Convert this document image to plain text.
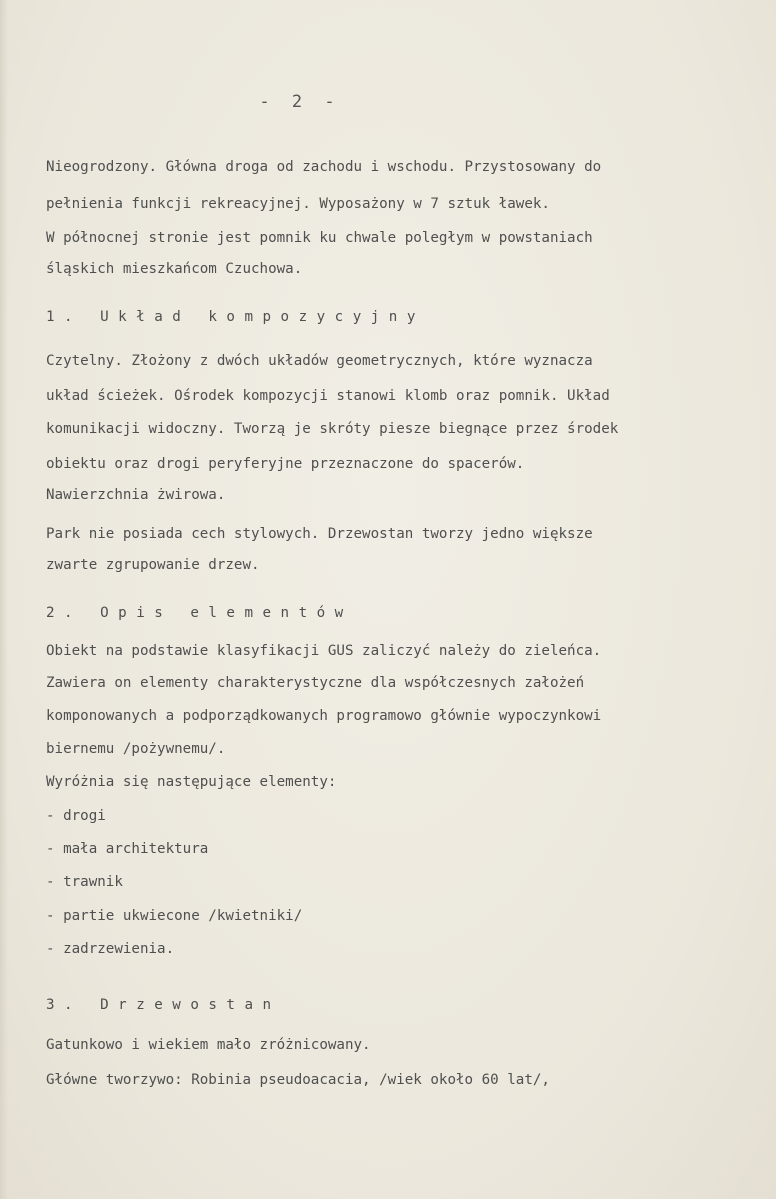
- 2 -
Nieogrodzony. Główna droga od zachodu i wschodu. Przystosowany do
pełnienia funkcji rekreacyjnej. Wyposażony w 7 sztuk ławek.
W północnej stronie jest pomnik ku chwale poległym w powstaniach
śląskich mieszkańcom Czuchowa.
1. Układ kompozycyjny
Czytelny. Złożony z dwóch układów geometrycznych, które wyznacza
układ ścieżek. Ośrodek kompozycji stanowi klomb oraz pomnik. Układ
komunikacji widoczny. Tworzą je skróty piesze biegnące przez środek
obiektu oraz drogi peryferyjne przeznaczone do spacerów.
Nawierzchnia żwirowa.
Park nie posiada cech stylowych. Drzewostan tworzy jedno większe
zwarte zgrupowanie drzew.
2. Opis elementów
Obiekt na podstawie klasyfikacji GUS zaliczyć należy do zieleńca.
Zawiera on elementy charakterystyczne dla współczesnych założeń
komponowanych a podporządkowanych programowo głównie wypoczynkowi
biernemu /pożywnemu/.
Wyróżnia się następujące elementy:
- drogi
- mała architektura
- trawnik
- partie ukwiecone /kwietniki/
- zadrzewienia.
3. Drzewostan
Gatunkowo i wiekiem mało zróżnicowany.
Główne tworzywo: Robinia pseudoacacia, /wiek około 60 lat/,
